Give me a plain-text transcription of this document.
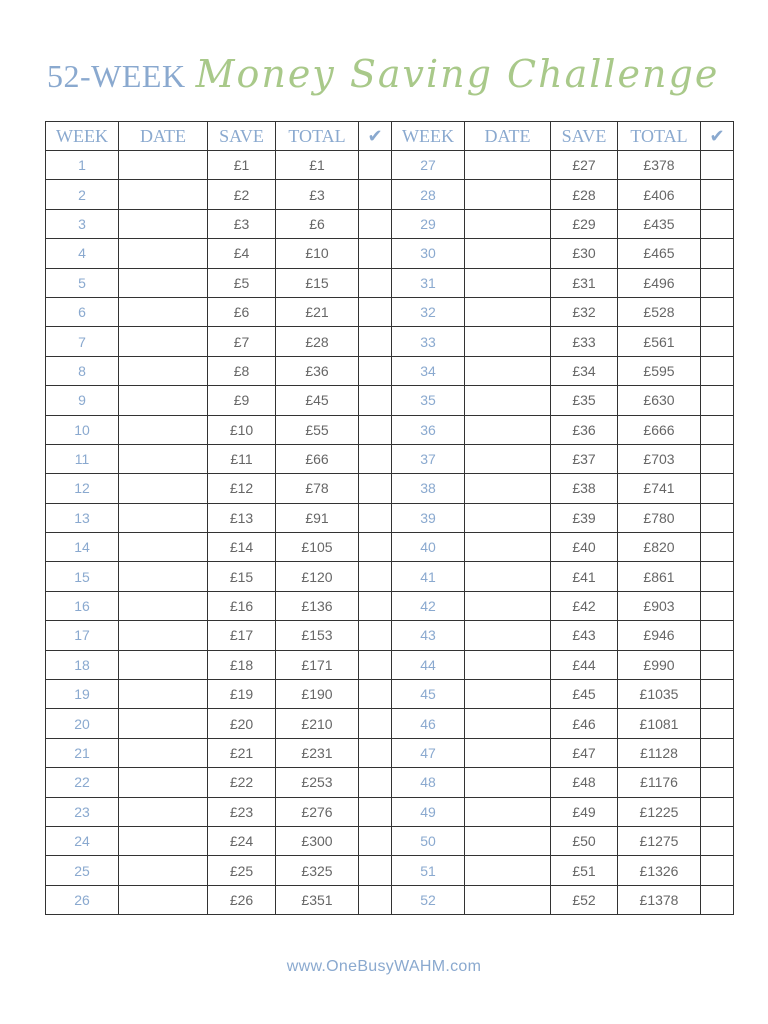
52-WEEK Money Saving Challenge
WEEK	DATE	SAVE	TOTAL	✔	WEEK	DATE	SAVE	TOTAL	✔
1		£1	£1		27		£27	£378	
2		£2	£3		28		£28	£406	
3		£3	£6		29		£29	£435	
4		£4	£10		30		£30	£465	
5		£5	£15		31		£31	£496	
6		£6	£21		32		£32	£528	
7		£7	£28		33		£33	£561	
8		£8	£36		34		£34	£595	
9		£9	£45		35		£35	£630	
10		£10	£55		36		£36	£666	
11		£11	£66		37		£37	£703	
12		£12	£78		38		£38	£741	
13		£13	£91		39		£39	£780	
14		£14	£105		40		£40	£820	
15		£15	£120		41		£41	£861	
16		£16	£136		42		£42	£903	
17		£17	£153		43		£43	£946	
18		£18	£171		44		£44	£990	
19		£19	£190		45		£45	£1035	
20		£20	£210		46		£46	£1081	
21		£21	£231		47		£47	£1128	
22		£22	£253		48		£48	£1176	
23		£23	£276		49		£49	£1225	
24		£24	£300		50		£50	£1275	
25		£25	£325		51		£51	£1326	
26		£26	£351		52		£52	£1378	
www.OneBusyWAHM.com
